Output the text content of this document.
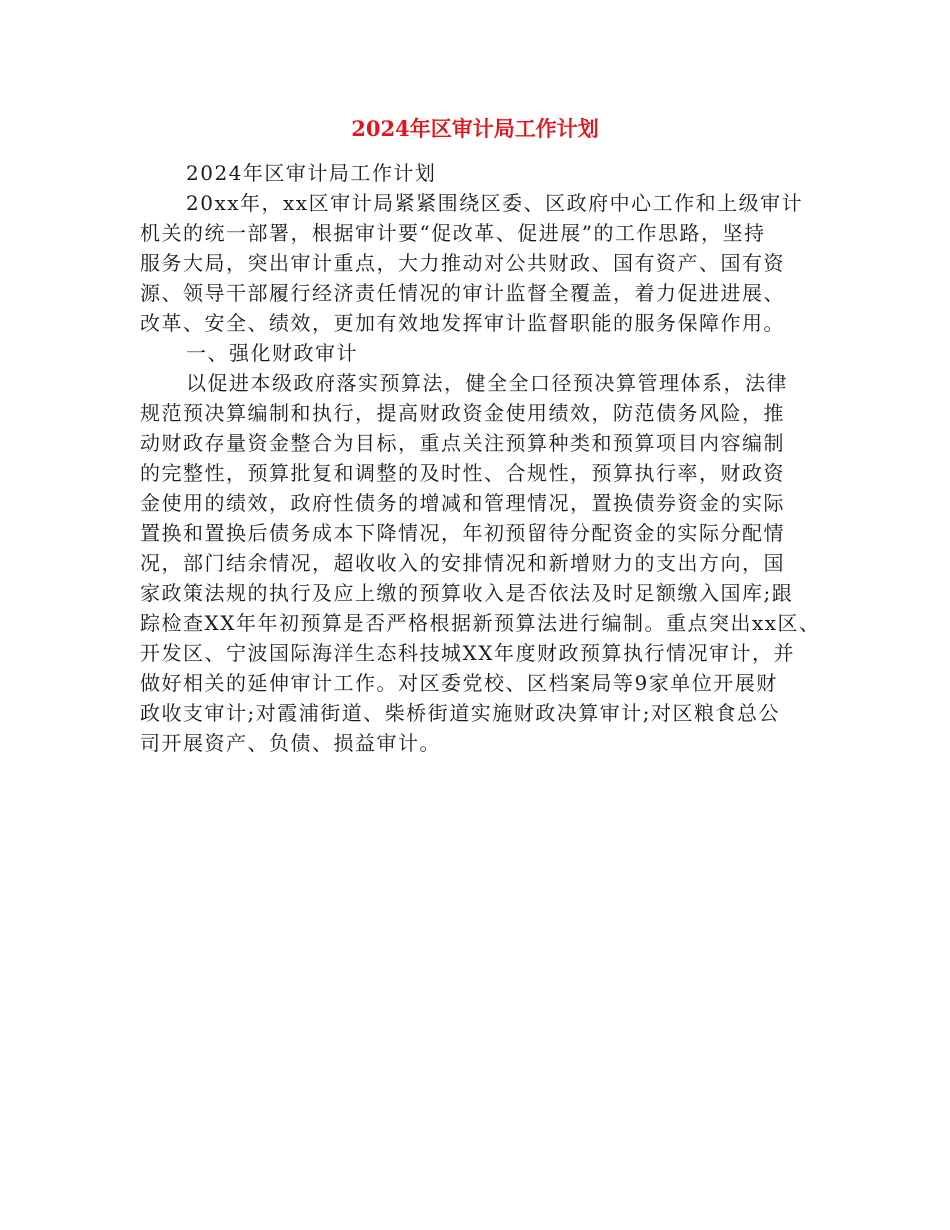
2024年区审计局工作计划
2024年区审计局工作计划
20xx年，xx区审计局紧紧围绕区委、区政府中心工作和上级审计
机关的统一部署，根据审计要“促改革、促进展”的工作思路，坚持
服务大局，突出审计重点，大力推动对公共财政、国有资产、国有资
源、领导干部履行经济责任情况的审计监督全覆盖，着力促进进展、
改革、安全、绩效，更加有效地发挥审计监督职能的服务保障作用。
一、强化财政审计
以促进本级政府落实预算法，健全全口径预决算管理体系，法律
规范预决算编制和执行，提高财政资金使用绩效，防范债务风险，推
动财政存量资金整合为目标，重点关注预算种类和预算项目内容编制
的完整性，预算批复和调整的及时性、合规性，预算执行率，财政资
金使用的绩效，政府性债务的增减和管理情况，置换债券资金的实际
置换和置换后债务成本下降情况，年初预留待分配资金的实际分配情
况，部门结余情况，超收收入的安排情况和新增财力的支出方向，国
家政策法规的执行及应上缴的预算收入是否依法及时足额缴入国库;跟
踪检查XX年年初预算是否严格根据新预算法进行编制。重点突出xx区、
开发区、宁波国际海洋生态科技城XX年度财政预算执行情况审计，并
做好相关的延伸审计工作。对区委党校、区档案局等9家单位开展财
政收支审计;对霞浦街道、柴桥街道实施财政决算审计;对区粮食总公
司开展资产、负债、损益审计。
